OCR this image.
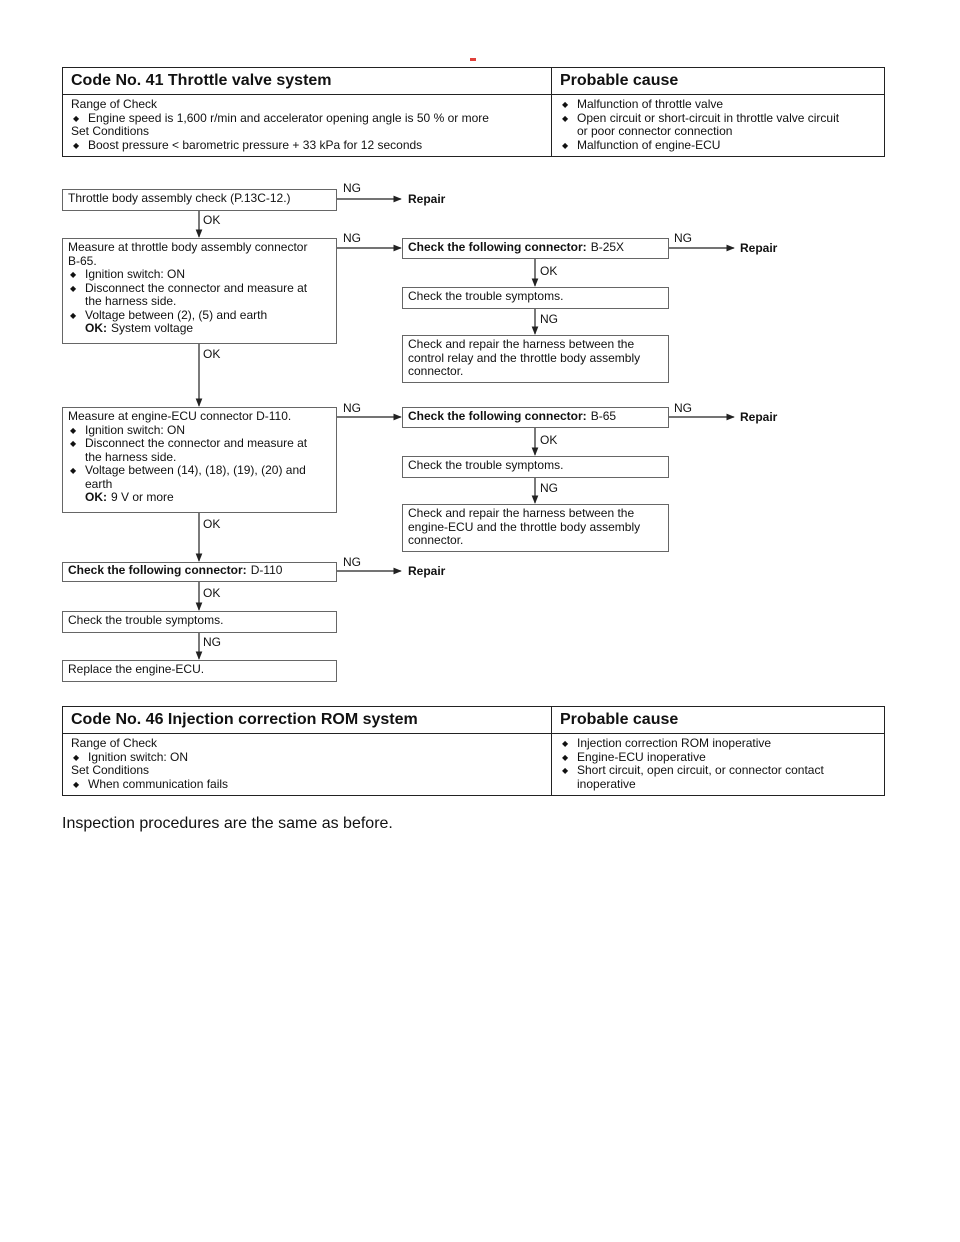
Code No. 41 Throttle valve system	Probable cause
Range of Check
◆ Engine speed is 1,600 r/min and accelerator opening angle is 50 % or more
Set Conditions
◆ Boost pressure < barometric pressure + 33 kPa for 12 seconds
◆ Malfunction of throttle valve
◆ Open circuit or short-circuit in throttle valve circuit
or poor connector connection
◆ Malfunction of engine-ECU
Throttle body assembly check (P.13C-12.)
Measure at throttle body assembly connector
B-65.
◆ Ignition switch: ON
◆ Disconnect the connector and measure at
the harness side.
◆ Voltage between (2), (5) and earth
OK: System voltage
Measure at engine-ECU connector D-110.
◆ Ignition switch: ON
◆ Disconnect the connector and measure at
the harness side.
◆ Voltage between (14), (18), (19), (20) and
earth
OK: 9 V or more
Check the following connector: D-110
Check the trouble symptoms.
Replace the engine-ECU.
Check the following connector: B-25X
Check the trouble symptoms.
Check and repair the harness between the
control relay and the throttle body assembly
connector.
Check the following connector: B-65
Check the trouble symptoms.
Check and repair the harness between the
engine-ECU and the throttle body assembly
connector.
OK
OK
OK
OK
NG
NG
NG
NG
NG
NG
NG
OK
NG
OK
NG
Repair
Repair
Repair
Repair
Code No. 46 Injection correction ROM system	Probable cause
Range of Check
◆ Ignition switch: ON
Set Conditions
◆ When communication fails
◆ Injection correction ROM inoperative
◆ Engine-ECU inoperative
◆ Short circuit, open circuit, or connector contact
inoperative
Inspection procedures are the same as before.
